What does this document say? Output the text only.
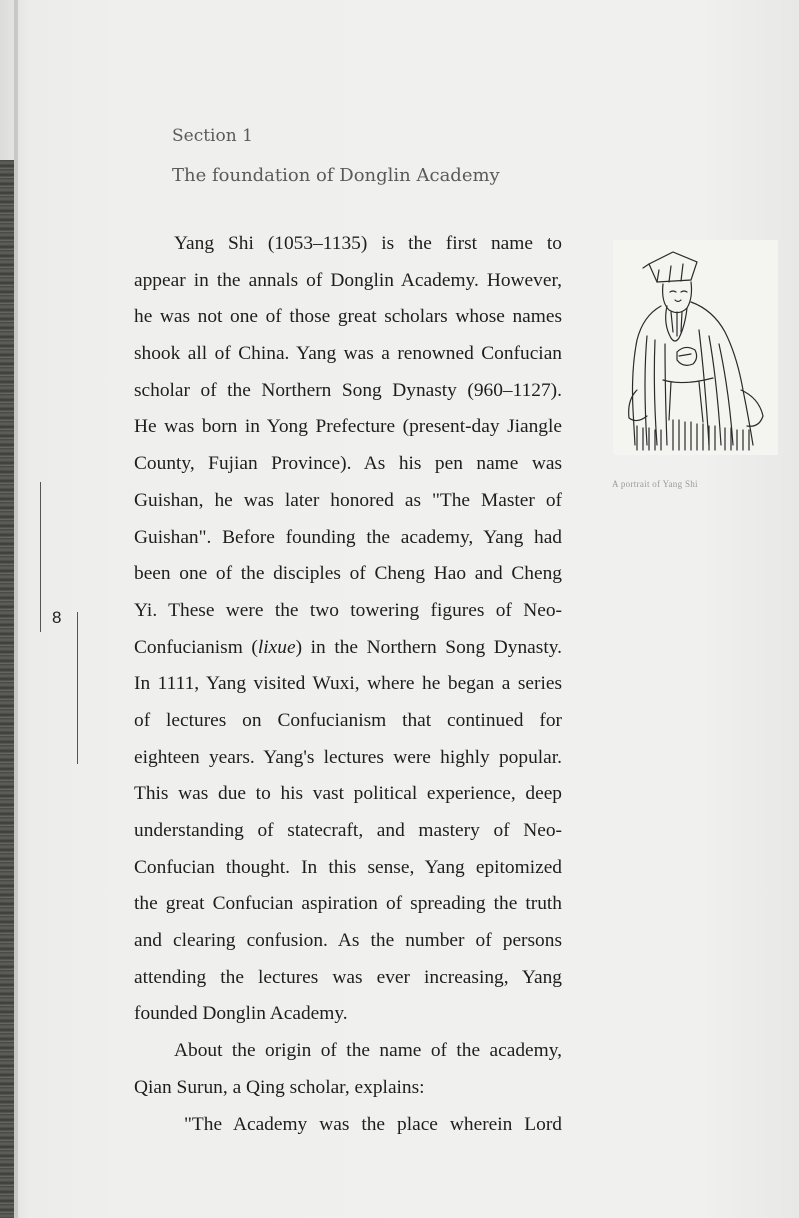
Section 1
The foundation of Donglin Academy
Yang Shi (1053–1135) is the first name to
appear in the annals of Donglin Academy. However,
he was not one of those great scholars whose names
shook all of China. Yang was a renowned Confucian
scholar of the Northern Song Dynasty (960–1127).
He was born in Yong Prefecture (present-day Jiangle
County, Fujian Province). As his pen name was
Guishan, he was later honored as "The Master of
Guishan". Before founding the academy, Yang had
been one of the disciples of Cheng Hao and Cheng
Yi. These were the two towering figures of Neo-
Confucianism (lixue) in the Northern Song Dynasty.
In 1111, Yang visited Wuxi, where he began a series
of lectures on Confucianism that continued for
eighteen years. Yang's lectures were highly popular.
This was due to his vast political experience, deep
understanding of statecraft, and mastery of Neo-
Confucian thought. In this sense, Yang epitomized
the great Confucian aspiration of spreading the truth
and clearing confusion. As the number of persons
attending the lectures was ever increasing, Yang
founded Donglin Academy.
About the origin of the name of the academy,
Qian Surun, a Qing scholar, explains:
"The Academy was the place wherein Lord
8
A portrait of Yang Shi
